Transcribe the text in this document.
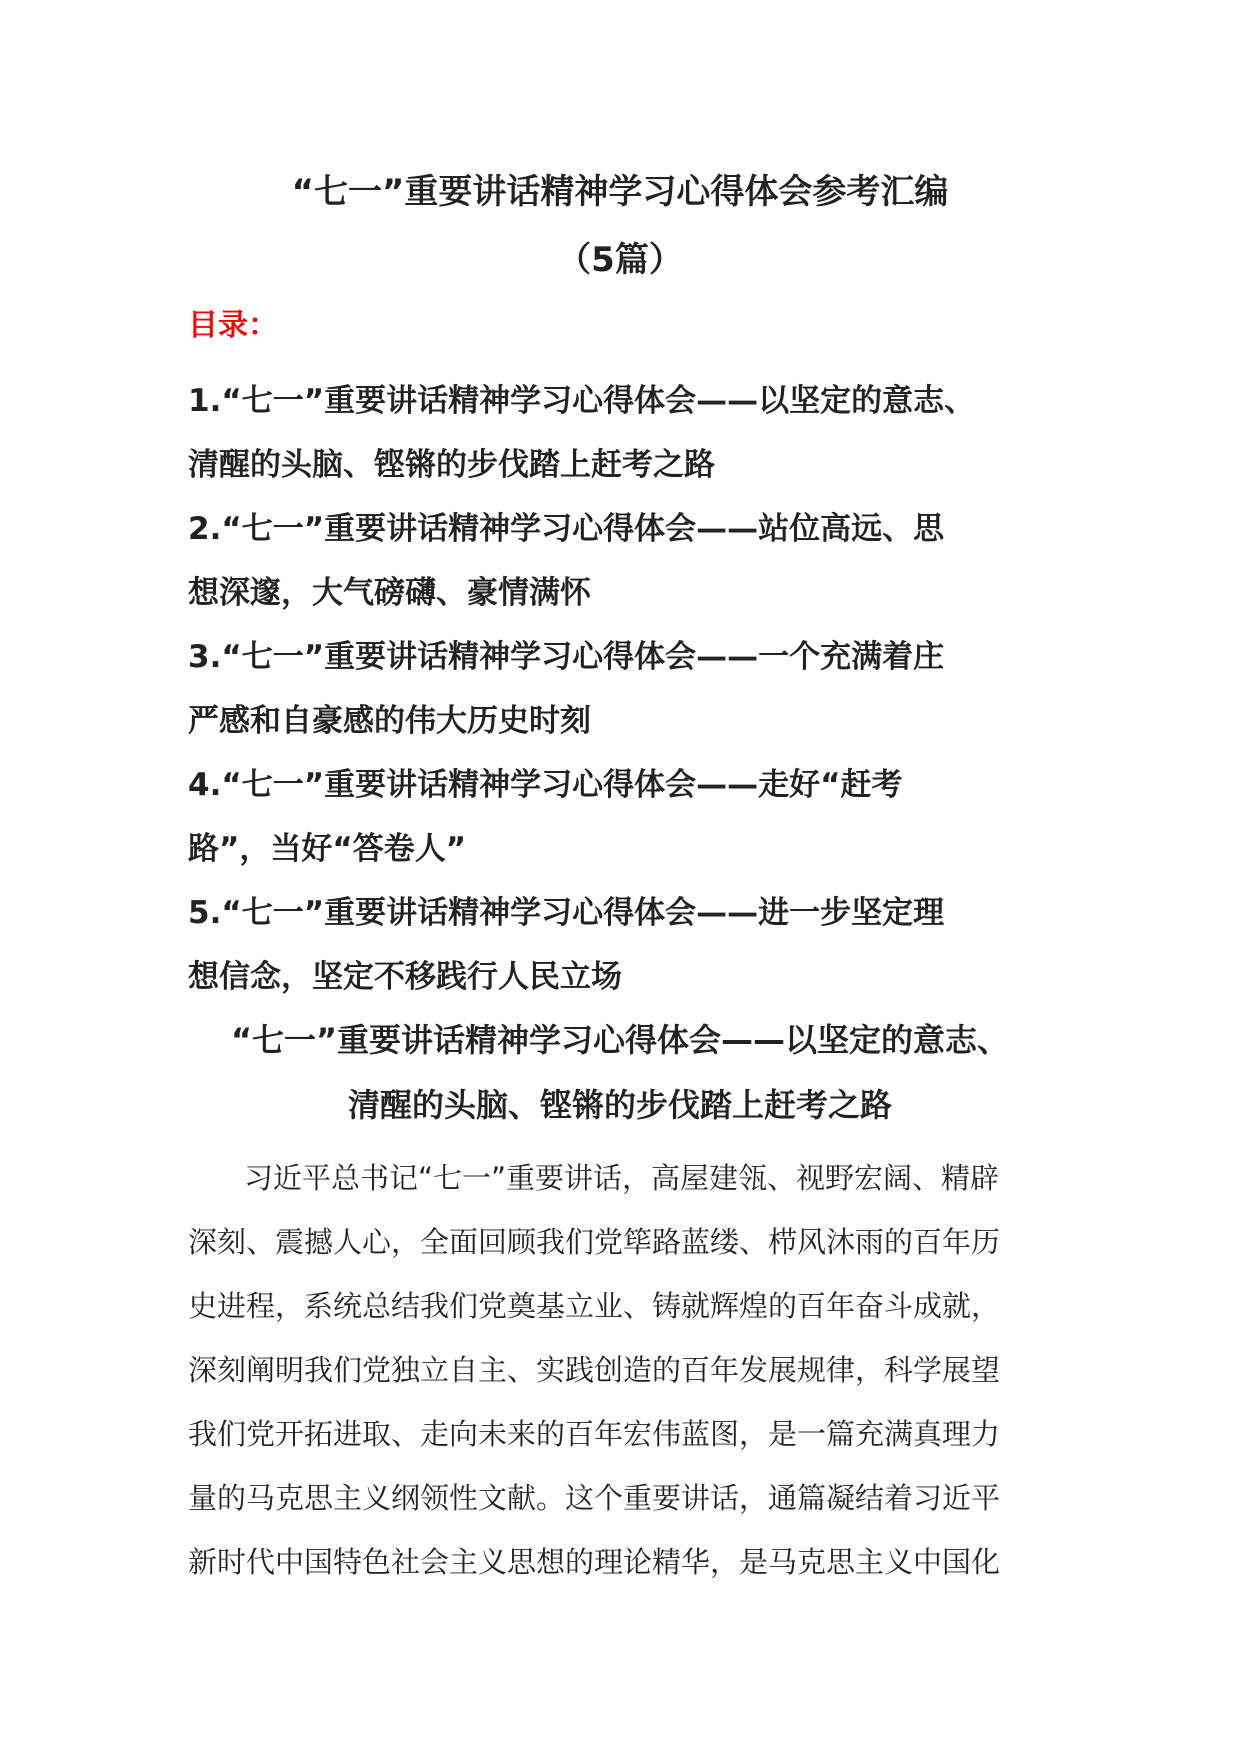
“七一”重要讲话精神学习心得体会参考汇编
（5篇）
目录：
1.“七一”重要讲话精神学习心得体会——以坚定的意志、
清醒的头脑、铿锵的步伐踏上赶考之路
2.“七一”重要讲话精神学习心得体会——站位高远、思
想深邃，大气磅礴、豪情满怀
3.“七一”重要讲话精神学习心得体会——一个充满着庄
严感和自豪感的伟大历史时刻
4.“七一”重要讲话精神学习心得体会——走好“赶考
路”，当好“答卷人”
5.“七一”重要讲话精神学习心得体会——进一步坚定理
想信念，坚定不移践行人民立场
“七一”重要讲话精神学习心得体会——以坚定的意志、
清醒的头脑、铿锵的步伐踏上赶考之路
习近平总书记“七一”重要讲话，高屋建瓴、视野宏阔、精辟
深刻、震撼人心，全面回顾我们党筚路蓝缕、栉风沐雨的百年历
史进程，系统总结我们党奠基立业、铸就辉煌的百年奋斗成就，
深刻阐明我们党独立自主、实践创造的百年发展规律，科学展望
我们党开拓进取、走向未来的百年宏伟蓝图，是一篇充满真理力
量的马克思主义纲领性文献。这个重要讲话，通篇凝结着习近平
新时代中国特色社会主义思想的理论精华，是马克思主义中国化
